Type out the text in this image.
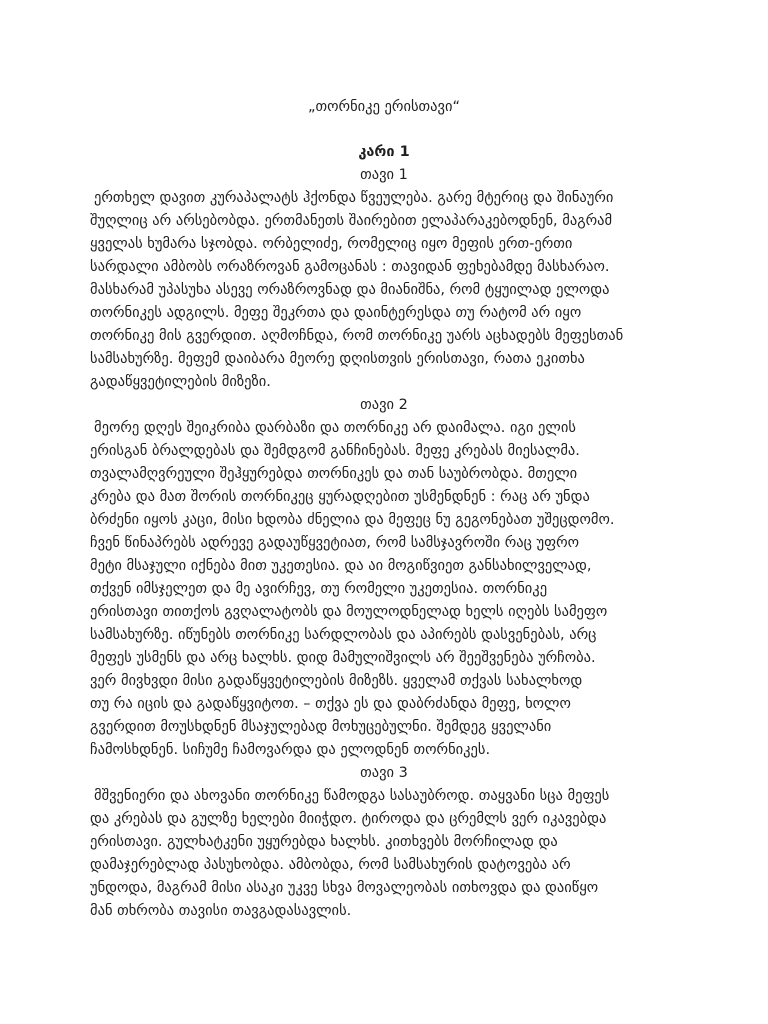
„თორნიკე ერისთავი“
კარი 1
თავი 1
ერთხელ დავით კურაპალატს ჰქონდა წვეულება. გარე მტერიც და შინაური
შუღლიც არ არსებობდა. ერთმანეთს შაირებით ელაპარაკებოდნენ, მაგრამ
ყველას ხუმარა სჯობდა. ორბელიძე, რომელიც იყო მეფის ერთ-ერთი
სარდალი ამბობს ორაზროვან გამოცანას : თავიდან ფეხებამდე მასხარაო.
მასხარამ უპასუხა ასევე ორაზროვნად და მიანიშნა, რომ ტყუილად ელოდა
თორნიკეს ადგილს. მეფე შეკრთა და დაინტერესდა თუ რატომ არ იყო
თორნიკე მის გვერდით. აღმოჩნდა, რომ თორნიკე უარს აცხადებს მეფესთან
სამსახურზე. მეფემ დაიბარა მეორე დღისთვის ერისთავი, რათა ეკითხა
გადაწყვეტილების მიზეზი.
თავი 2
მეორე დღეს შეიკრიბა დარბაზი და თორნიკე არ დაიმალა. იგი ელის
ერისგან ბრალდებას და შემდგომ განჩინებას. მეფე კრებას მიესალმა.
თვალამღვრეული შეჰყურებდა თორნიკეს და თან საუბრობდა. მთელი
კრება და მათ შორის თორნიკეც ყურადღებით უსმენდნენ : რაც არ უნდა
ბრძენი იყოს კაცი, მისი ხდობა ძნელია და მეფეც ნუ გეგონებათ უშეცდომო.
ჩვენ წინაპრებს ადრევე გადაუწყვეტიათ, რომ სამსჯავროში რაც უფრო
მეტი მსაჯული იქნება მით უკეთესია. და აი მოგიწვიეთ განსახილველად,
თქვენ იმსჯელეთ და მე ავირჩევ, თუ რომელი უკეთესია. თორნიკე
ერისთავი თითქოს გვღალატობს და მოულოდნელად ხელს იღებს სამეფო
სამსახურზე. იწუნებს თორნიკე სარდლობას და აპირებს დასვენებას, არც
მეფეს უსმენს და არც ხალხს. დიდ მამულიშვილს არ შეეშვენება ურჩობა.
ვერ მივხვდი მისი გადაწყვეტილების მიზეზს. ყველამ თქვას სახალხოდ
თუ რა იცის და გადაწყვიტოთ. – თქვა ეს და დაბრძანდა მეფე, ხოლო
გვერდით მოუსხდნენ მსაჯულებად მოხუცებულნი. შემდეგ ყველანი
ჩამოსხდნენ. სიჩუმე ჩამოვარდა და ელოდნენ თორნიკეს.
თავი 3
მშვენიერი და ახოვანი თორნიკე წამოდგა სასაუბროდ. თაყვანი სცა მეფეს
და კრებას და გულზე ხელები მიიჭდო. ტიროდა და ცრემლს ვერ იკავებდა
ერისთავი. გულხატკენი უყურებდა ხალხს. კითხვებს მორჩილად და
დამაჯერებლად პასუხობდა. ამბობდა, რომ სამსახურის დატოვება არ
უნდოდა, მაგრამ მისი ასაკი უკვე სხვა მოვალეობას ითხოვდა და დაიწყო
მან თხრობა თავისი თავგადასავლის.
